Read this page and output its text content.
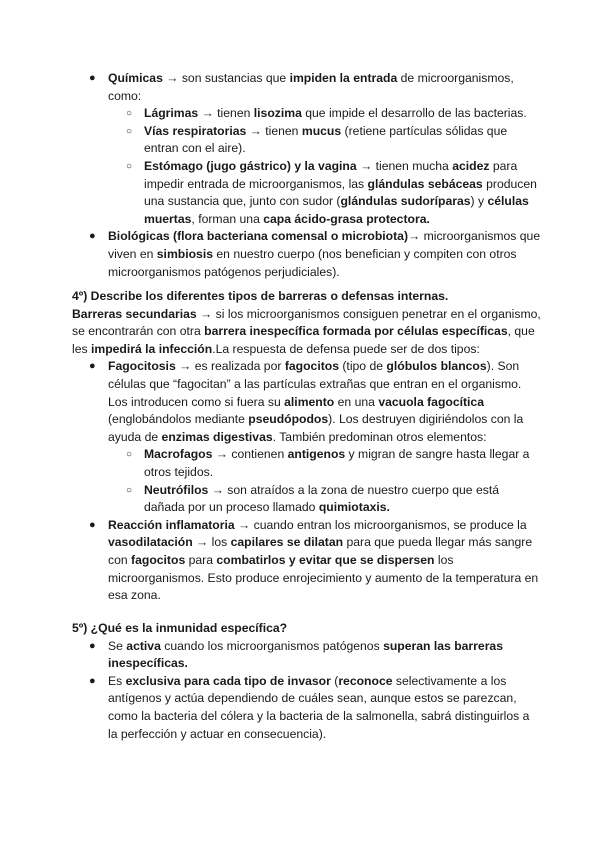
● Químicas → son sustancias que impiden la entrada de microorganismos, como:
○ Lágrimas → tienen lisozima que impide el desarrollo de las bacterias.
○ Vías respiratorias → tienen mucus (retiene partículas sólidas que entran con el aire).
○ Estómago (jugo gástrico) y la vagina → tienen mucha acidez para impedir entrada de microorganismos, las glándulas sebáceas producen una sustancia que, junto con sudor (glándulas sudoríparas) y células muertas, forman una capa ácido-grasa protectora.
● Biológicas (flora bacteriana comensal o microbiota)→ microorganismos que viven en simbiosis en nuestro cuerpo (nos benefician y compiten con otros microorganismos patógenos perjudiciales).
4º) Describe los diferentes tipos de barreras o defensas internas.

Barreras secundarias → si los microorganismos consiguen penetrar en el organismo, se encontrarán con otra barrera inespecífica formada por células específicas, que les impedirá la infección.La respuesta de defensa puede ser de dos tipos:

● Fagocitosis → es realizada por fagocitos (tipo de glóbulos blancos). Son células que “fagocitan” a las partículas extrañas que entran en el organismo. Los introducen como si fuera su alimento en una vacuola fagocítica (englobándolos mediante pseudópodos). Los destruyen digiriéndolos con la ayuda de enzimas digestivas. También predominan otros elementos:
○ Macrofagos → contienen antigenos y migran de sangre hasta llegar a otros tejidos.
○ Neutrófilos → son atraídos a la zona de nuestro cuerpo que está dañada por un proceso llamado quimiotaxis.
● Reacción inflamatoria → cuando entran los microorganismos, se produce la vasodilatación → los capilares se dilatan para que pueda llegar más sangre con fagocitos para combatirlos y evitar que se dispersen los microorganismos. Esto produce enrojecimiento y aumento de la temperatura en esa zona.
5º) ¿Qué es la inmunidad específica?
● Se activa cuando los microorganismos patógenos superan las barreras inespecíficas.
● Es exclusiva para cada tipo de invasor (reconoce selectivamente a los antígenos y actúa dependiendo de cuáles sean, aunque estos se parezcan, como la bacteria del cólera y la bacteria de la salmonella, sabrá distinguirlos a la perfección y actuar en consecuencia).
